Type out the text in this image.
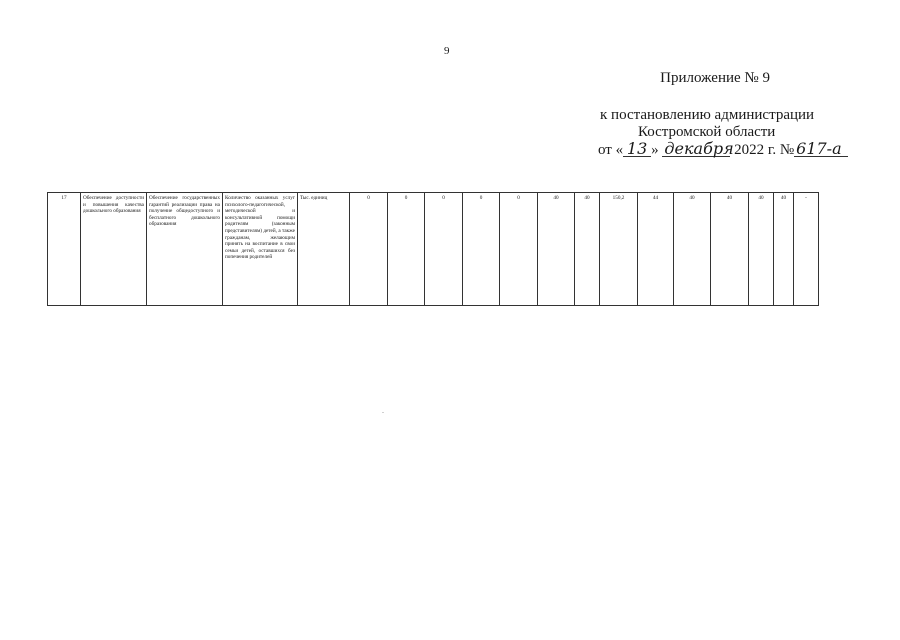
9
Приложение № 9
к постановлению администрации
Костромской области
от « 13 » декабря 2022 г. № 617-а
17	Обеспечение доступности и повышения качества дошкольного образования	Обеспечение государственных гарантий реализации права на получение общедоступного и бесплатного дошкольного образования	Количество оказанных услуг психолого-педагогической, методической и консультативной помощи родителям (законным представителям) детей, а также гражданам, желающим принять на воспитание в свои семьи детей, оставшихся без попечения родителей	Тыс. единиц	0	0	0	0	0	40	40	150,2	44	40	40	40	40	-
